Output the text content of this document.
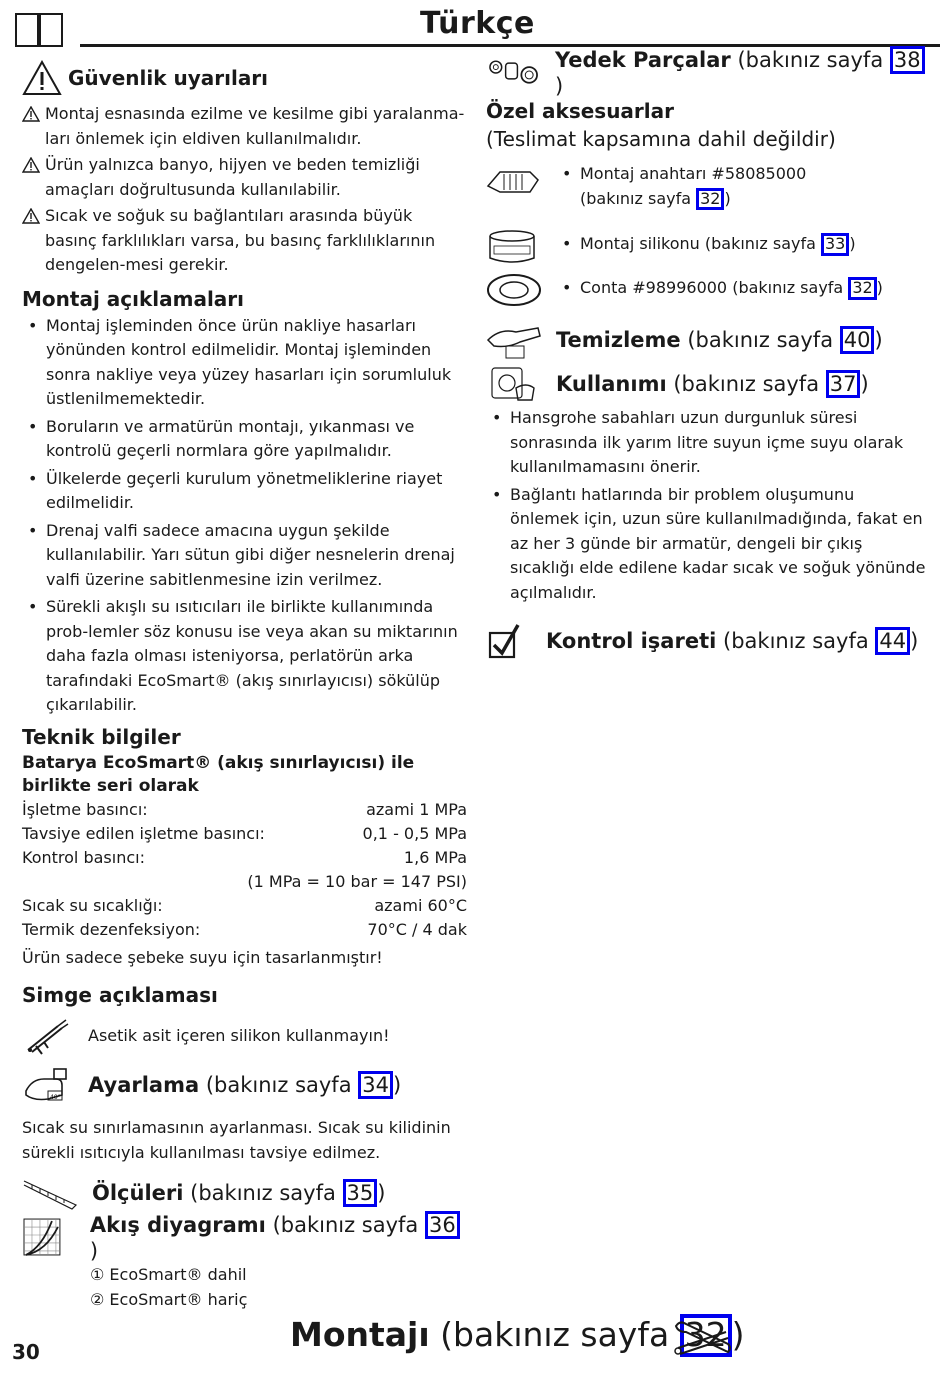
Türkçe
Güvenlik uyarıları

Montaj esnasında ezilme ve kesilme gibi yaralanma-ları önlemek için eldiven kullanılmalıdır.

Ürün yalnızca banyo, hijyen ve beden temizliği amaçları doğrultusunda kullanılabilir.

Sıcak ve soğuk su bağlantıları arasında büyük basınç farklılıkları varsa, bu basınç farklılıklarının dengelen-mesi gerekir.

Montaj açıklamaları
• Montaj işleminden önce ürün nakliye hasarları yönünden kontrol edilmelidir. Montaj işleminden sonra nakliye veya yüzey hasarları için sorumluluk üstlenilmemektedir.
• Boruların ve armatürün montajı, yıkanması ve kontrolü geçerli normlara göre yapılmalıdır.
• Ülkelerde geçerli kurulum yönetmeliklerine riayet edilmelidir.
• Drenaj valfi sadece amacına uygun şekilde kullanılabilir. Yarı sütun gibi diğer nesnelerin drenaj valfi üzerine sabitlenmesine izin verilmez.
• Sürekli akışlı su ısıtıcıları ile birlikte kullanımında prob-lemler söz konusu ise veya akan su miktarının daha fazla olması isteniyorsa, perlatörün arka tarafındaki EcoSmart® (akış sınırlayıcısı) sökülüp çıkarılabilir.
Teknik bilgiler
Batarya EcoSmart® (akış sınırlayıcısı) ile
birlikte seri olarak
İşletme basıncı:	azami 1 MPa
Tavsiye edilen işletme basıncı:	0,1 - 0,5 MPa
Kontrol basıncı:	1,6 MPa
(1 MPa = 10 bar = 147 PSI)
Sıcak su sıcaklığı:	azami 60°C
Termik dezenfeksiyon:	70°C / 4 dak

Ürün sadece şebeke suyu için tasarlanmıştır!

Simge açıklaması

Asetik asit içeren silikon kullanmayın!

40°
Ayarlama (bakınız sayfa 34 )

Sıcak su sınırlamasının ayarlanması. Sıcak su kilidinin sürekli ısıtıcıyla kullanılması tavsiye edilmez.

Ölçüleri (bakınız sayfa 35 )
Akış diyagramı (bakınız sayfa 36)

① EcoSmart® dahil

② EcoSmart® hariç

Yedek Parçalar (bakınız sayfa 38)
Özel aksesuarlar
(Teslimat kapsamına dahil değildir)
• Montaj anahtarı #58085000
(bakınız sayfa 32 )
• Montaj silikonu (bakınız sayfa 33 )
• Conta #98996000 (bakınız sayfa 32 )
Temizleme (bakınız sayfa 40 )
Kullanımı (bakınız sayfa 37 )
• Hansgrohe sabahları uzun durgunluk süresi sonrasında ilk yarım litre suyun içme suyu olarak kullanılmamasını önerir.
• Bağlantı hatlarında bir problem oluşumunu önlemek için, uzun süre kullanılmadığında, fakat en az her 3 günde bir armatür, dengeli bir çıkış sıcaklığı elde edilene kadar sıcak ve soğuk yönünde açılmalıdır.
Kontrol işareti (bakınız sayfa 44 )
30	Montajı (bakınız sayfa 32 )
